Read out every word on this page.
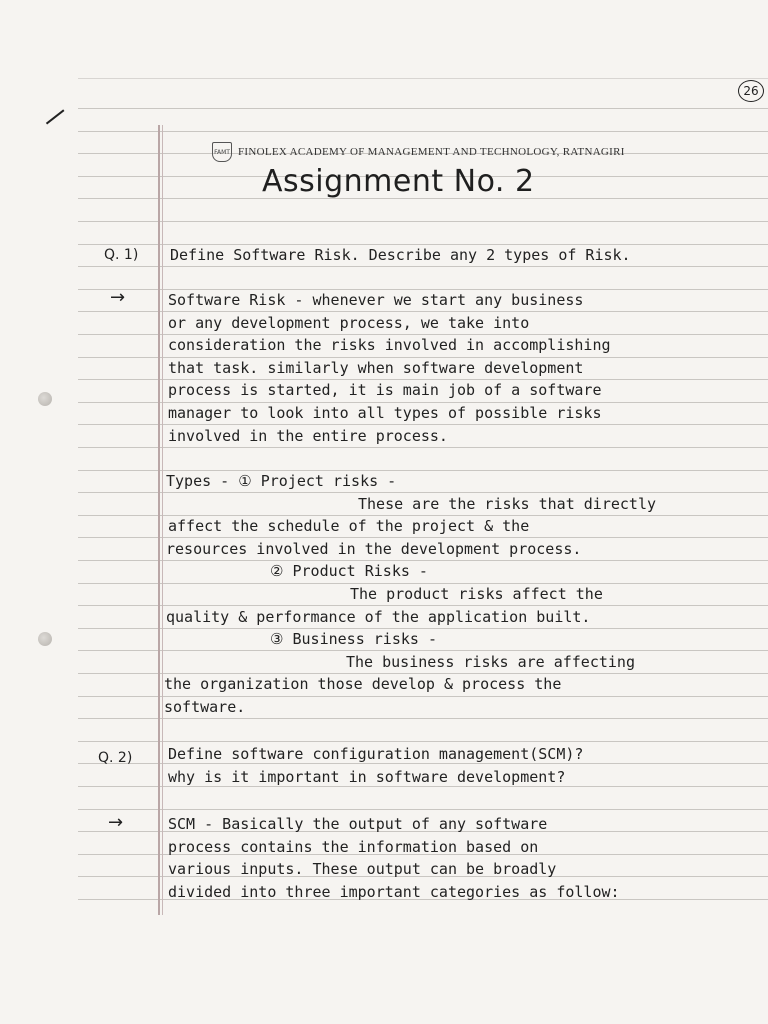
26
FAMT FINOLEX ACADEMY OF MANAGEMENT AND TECHNOLOGY, RATNAGIRI
Assignment No. 2
Q. 1) Define Software Risk. Describe any 2 types of Risk.
→	Software Risk - whenever we start any business
or any development process, we take into
consideration the risks involved in accomplishing
that task. similarly when software development
process is started, it is main job of a software
manager to look into all types of possible risks
involved in the entire process.
Types - ① Project risks -
These are the risks that directly
affect the schedule of the project & the
resources involved in the development process.
② Product Risks -
The product risks affect the
quality & performance of the application built.
③ Business risks -
The business risks are affecting
the organization those develop & process the
software.
Q. 2) Define software configuration management(SCM)?
why is it important in software development?
→	SCM - Basically the output of any software
process contains the information based on
various inputs. These output can be broadly
divided into three important categories as follow:
